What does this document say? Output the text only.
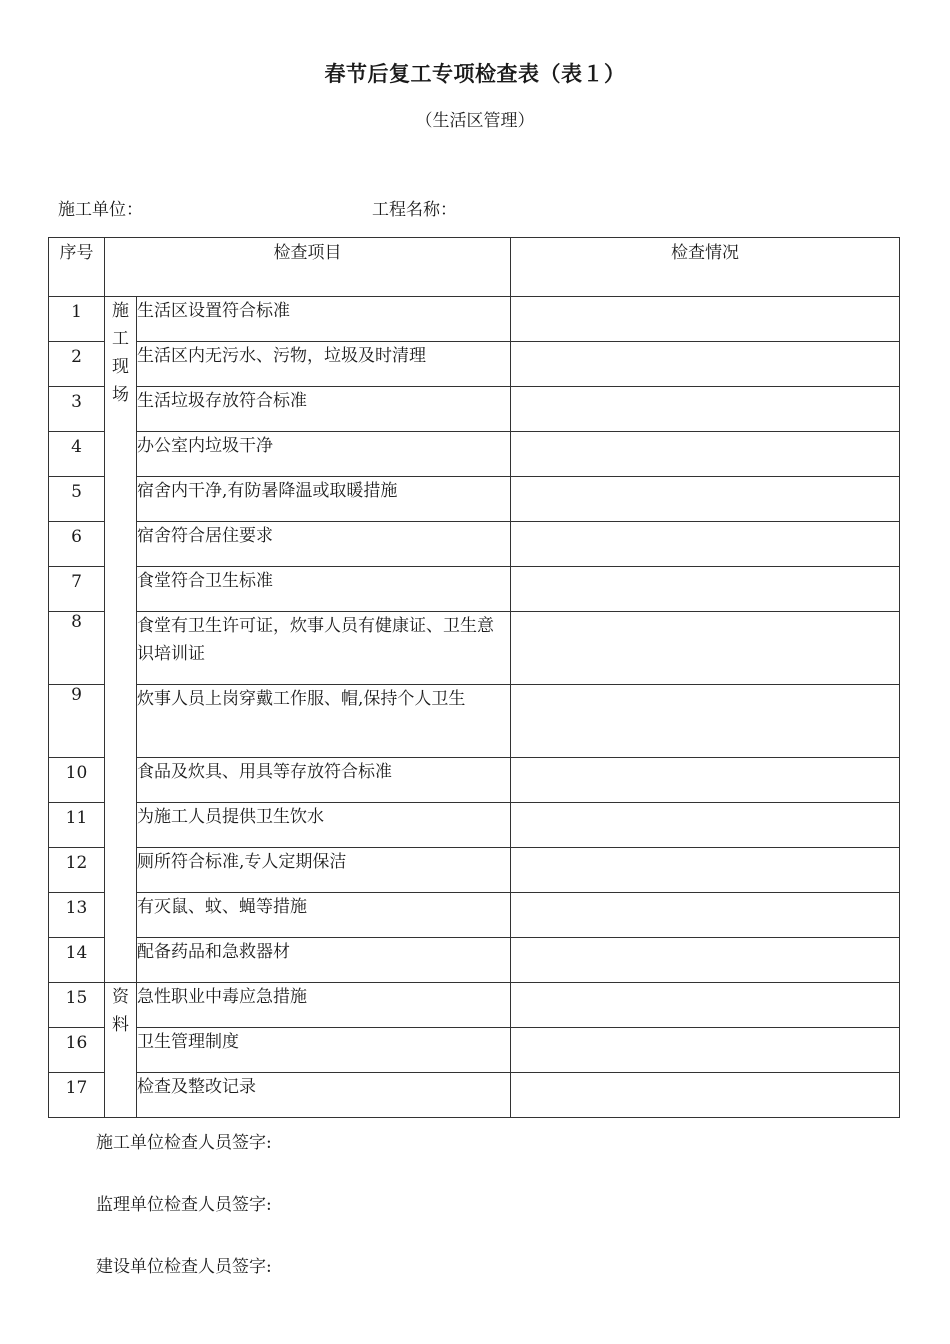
春节后复工专项检查表（表１）
（生活区管理）
施工单位：	工程名称：
序号	检查项目		检查情况
1	施工现场	生活区设置符合标准	
2		生活区内无污水、污物，垃圾及时清理	
3		生活垃圾存放符合标准	
4		办公室内垃圾干净	
5		宿舍内干净,有防暑降温或取暖措施	
6		宿舍符合居住要求	
7		食堂符合卫生标准	
8		食堂有卫生许可证，炊事人员有健康证、卫生意识培训证	
9		炊事人员上岗穿戴工作服、帽,保持个人卫生	
10		食品及炊具、用具等存放符合标准	
11		为施工人员提供卫生饮水	
12		厕所符合标准,专人定期保洁	
13		有灭鼠、蚊、蝇等措施	
14		配备药品和急救器材	
15	资料	急性职业中毒应急措施	
16		卫生管理制度	
17		检查及整改记录	
施工单位检查人员签字:
监理单位检查人员签字:
建设单位检查人员签字:
